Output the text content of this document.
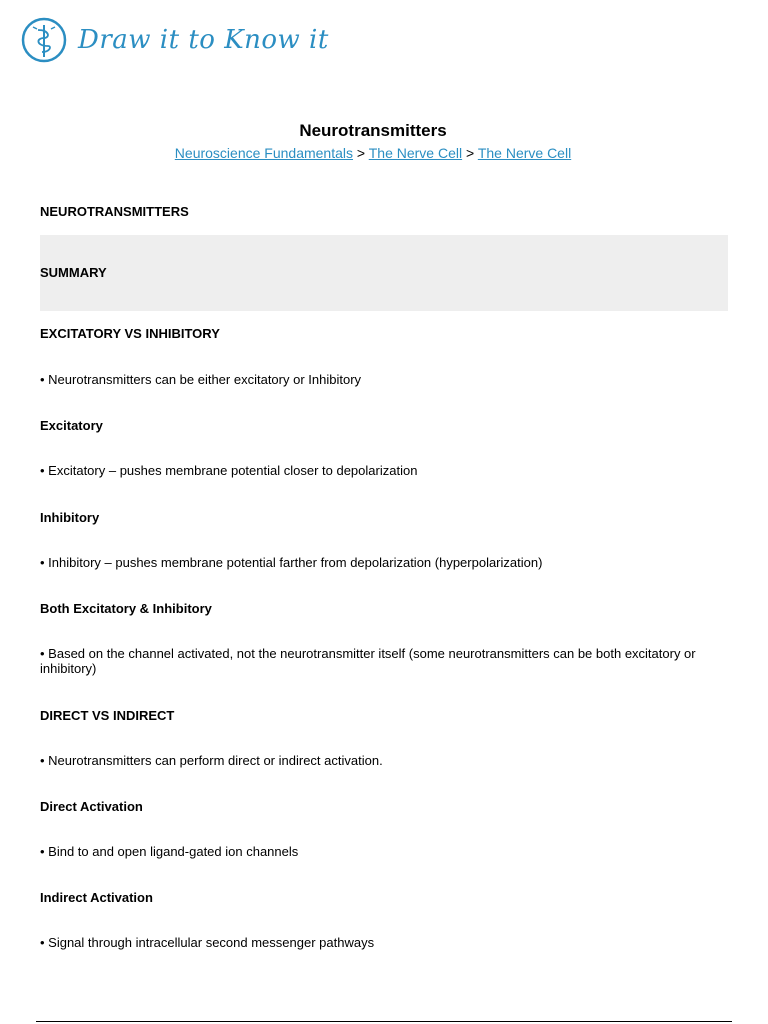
Draw it to Know it
Neurotransmitters
Neuroscience Fundamentals > The Nerve Cell > The Nerve Cell
NEUROTRANSMITTERS
SUMMARY
EXCITATORY VS INHIBITORY
• Neurotransmitters can be either excitatory or Inhibitory
Excitatory
• Excitatory – pushes membrane potential closer to depolarization
Inhibitory
• Inhibitory – pushes membrane potential farther from depolarization (hyperpolarization)
Both Excitatory & Inhibitory
• Based on the channel activated, not the neurotransmitter itself (some neurotransmitters can be both excitatory or inhibitory)
DIRECT VS INDIRECT
• Neurotransmitters can perform direct or indirect activation.
Direct Activation
• Bind to and open ligand-gated ion channels
Indirect Activation
• Signal through intracellular second messenger pathways
